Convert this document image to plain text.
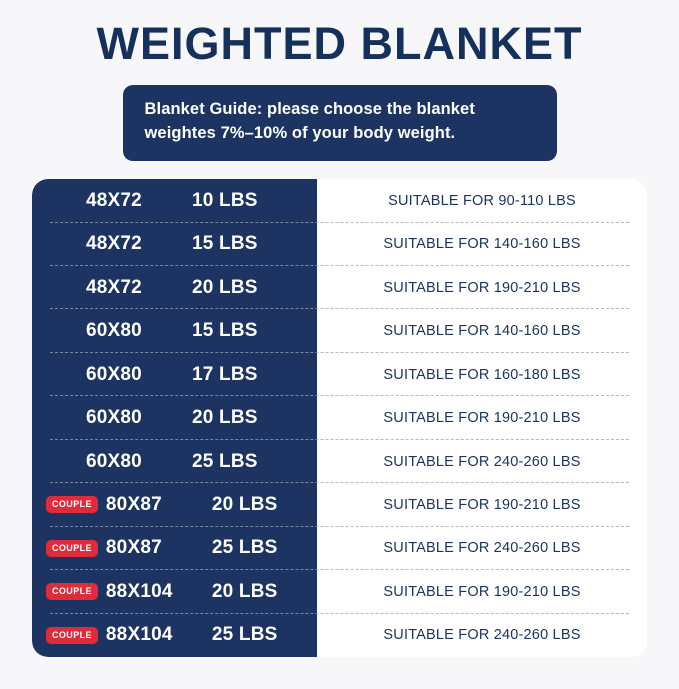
WEIGHTED BLANKET
Blanket Guide: please choose the blanket
weightes 7%–10% of your body weight.
48X72	10 LBS	SUITABLE FOR 90-110 LBS
48X72	15 LBS	SUITABLE FOR 140-160 LBS
48X72	20 LBS	SUITABLE FOR 190-210 LBS
60X80	15 LBS	SUITABLE FOR 140-160 LBS
60X80	17 LBS	SUITABLE FOR 160-180 LBS
60X80	20 LBS	SUITABLE FOR 190-210 LBS
60X80	25 LBS	SUITABLE FOR 240-260 LBS
COUPLE 80X87	20 LBS	SUITABLE FOR 190-210 LBS
COUPLE 80X87	25 LBS	SUITABLE FOR 240-260 LBS
COUPLE 88X104	20 LBS	SUITABLE FOR 190-210 LBS
COUPLE 88X104	25 LBS	SUITABLE FOR 240-260 LBS
